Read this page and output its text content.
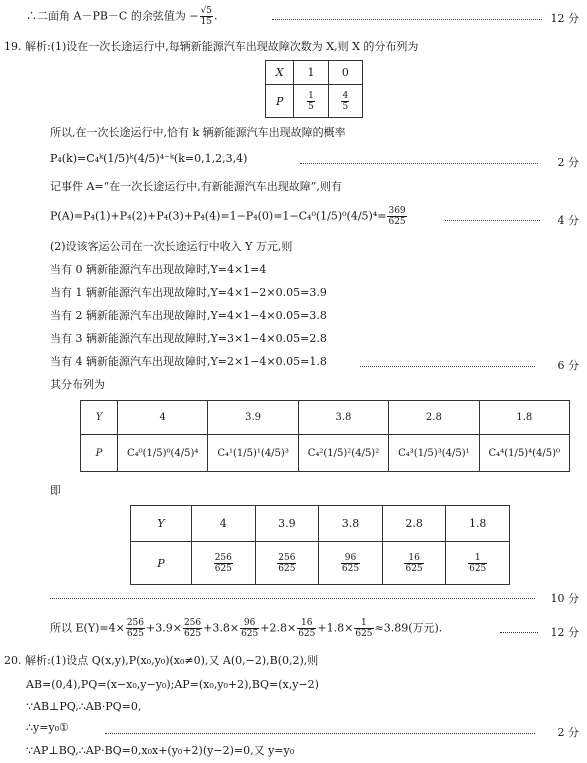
∴二面角 A－PB－C 的余弦值为 − $\frac{√5}{15}$ .	12 分
19. 解析:(1)设在一次长途运行中,每辆新能源汽车出现故障次数为 X,则 X 的分布列为
X	1	0
P	$\frac{1}{5}$	$\frac{4}{5}$
所以,在一次长途运行中,恰有 k 辆新能源汽车出现故障的概率
P₄(k)=C₄ᵏ(1/5)ᵏ(4/5)⁴⁻ᵏ(k=0,1,2,3,4)	2 分
记事件 A=“在一次长途运行中,有新能源汽车出现故障”,则有
$P(A)=P_4(1)+P_4(2)+P_4(3)+P_4(4)=1-P_4(0)=1-C_4^0(1/5)^0(4/5)^4= \frac{369}{625}$	4 分
(2)设该客运公司在一次长途运行中收入 Y 万元,则
当有 0 辆新能源汽车出现故障时,Y=4×1=4
当有 1 辆新能源汽车出现故障时,Y=4×1−2×0.05=3.9
当有 2 辆新能源汽车出现故障时,Y=4×1−4×0.05=3.8
当有 3 辆新能源汽车出现故障时,Y=3×1−4×0.05=2.8
当有 4 辆新能源汽车出现故障时,Y=2×1−4×0.05=1.8	6 分
其分布列为
Y	4	3.9	3.8	2.8	1.8
P	C₄⁰(1/5)⁰(4/5)⁴	C₄¹(1/5)¹(4/5)³	C₄²(1/5)²(4/5)²	C₄³(1/5)³(4/5)¹	C₄⁴(1/5)⁴(4/5)⁰
即
Y	4	3.9	3.8	2.8	1.8
P	$\frac{256}{625}$	$\frac{256}{625}$	$\frac{96}{625}$	$\frac{16}{625}$	$\frac{1}{625}$
10 分
所以 $E(Y)=4\times \frac{256}{625} +3.9\times \frac{256}{625} +3.8\times \frac{96}{625} +2.8\times \frac{16}{625} +1.8\times \frac{1}{625} \approx 3.89$(万元).	12 分
20. 解析:(1)设点 Q(x,y),P(x₀,y₀)(x₀≠0),又 A(0,−2),B(0,2),则
AB=(0,4),PQ=(x−x₀,y−y₀);AP=(x₀,y₀+2),BQ=(x,y−2)
∵AB⊥PQ,∴AB·PQ=0,
∴y=y₀①	2 分
∵AP⊥BQ,∴AP·BQ=0,x₀x+(y₀+2)(y−2)=0,又 y=y₀
